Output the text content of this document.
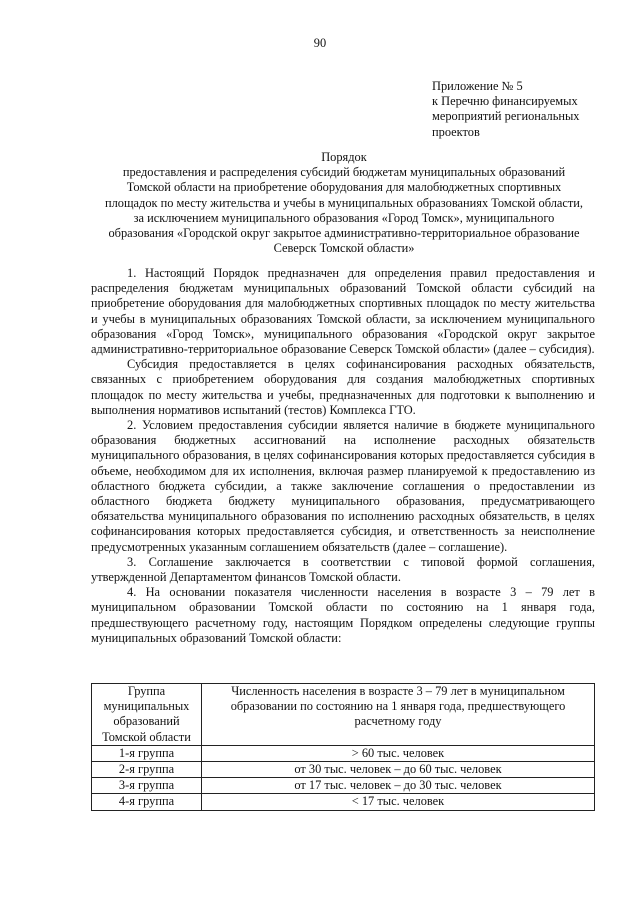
90
Приложение № 5
к Перечню финансируемых
мероприятий региональных
проектов
Порядок
предоставления и распределения субсидий бюджетам муниципальных образований
Томской области на приобретение оборудования для малобюджетных спортивных
площадок по месту жительства и учебы в муниципальных образованиях Томской области,
за исключением муниципального образования «Город Томск», муниципального
образования «Городской округ закрытое административно-территориальное образование
Северск Томской области»

1. Настоящий Порядок предназначен для определения правил предоставления и распределения бюджетам муниципальных образований Томской области субсидий на приобретение оборудования для малобюджетных спортивных площадок по месту жительства и учебы в муниципальных образованиях Томской области, за исключением муниципального образования «Город Томск», муниципального образования «Городской округ закрытое административно-территориальное образование Северск Томской области» (далее – субсидия).

Субсидия предоставляется в целях софинансирования расходных обязательств, связанных с приобретением оборудования для создания малобюджетных спортивных площадок по месту жительства и учебы, предназначенных для подготовки к выполнению и выполнения нормативов испытаний (тестов) Комплекса ГТО.

2. Условием предоставления субсидии является наличие в бюджете муниципального образования бюджетных ассигнований на исполнение расходных обязательств муниципального образования, в целях софинансирования которых предоставляется субсидия в объеме, необходимом для их исполнения, включая размер планируемой к предоставлению из областного бюджета субсидии, а также заключение соглашения о предоставлении из областного бюджета бюджету муниципального образования, предусматривающего обязательства муниципального образования по исполнению расходных обязательств, в целях софинансирования которых предоставляется субсидия, и ответственность за неисполнение предусмотренных указанным соглашением обязательств (далее – соглашение).

3. Соглашение заключается в соответствии с типовой формой соглашения, утвержденной Департаментом финансов Томской области.

4. На основании показателя численности населения в возрасте 3 – 79 лет в муниципальном образовании Томской области по состоянию на 1 января года, предшествующего расчетному году, настоящим Порядком определены следующие группы муниципальных образований Томской области:

Группа муниципальных образований Томской области	Численность населения в возрасте 3 – 79 лет в муниципальном образовании по состоянию на 1 января года, предшествующего расчетному году
1-я группа	> 60 тыс. человек
2-я группа	от 30 тыс. человек – до 60 тыс. человек
3-я группа	от 17 тыс. человек – до 30 тыс. человек
4-я группа	< 17 тыс. человек
